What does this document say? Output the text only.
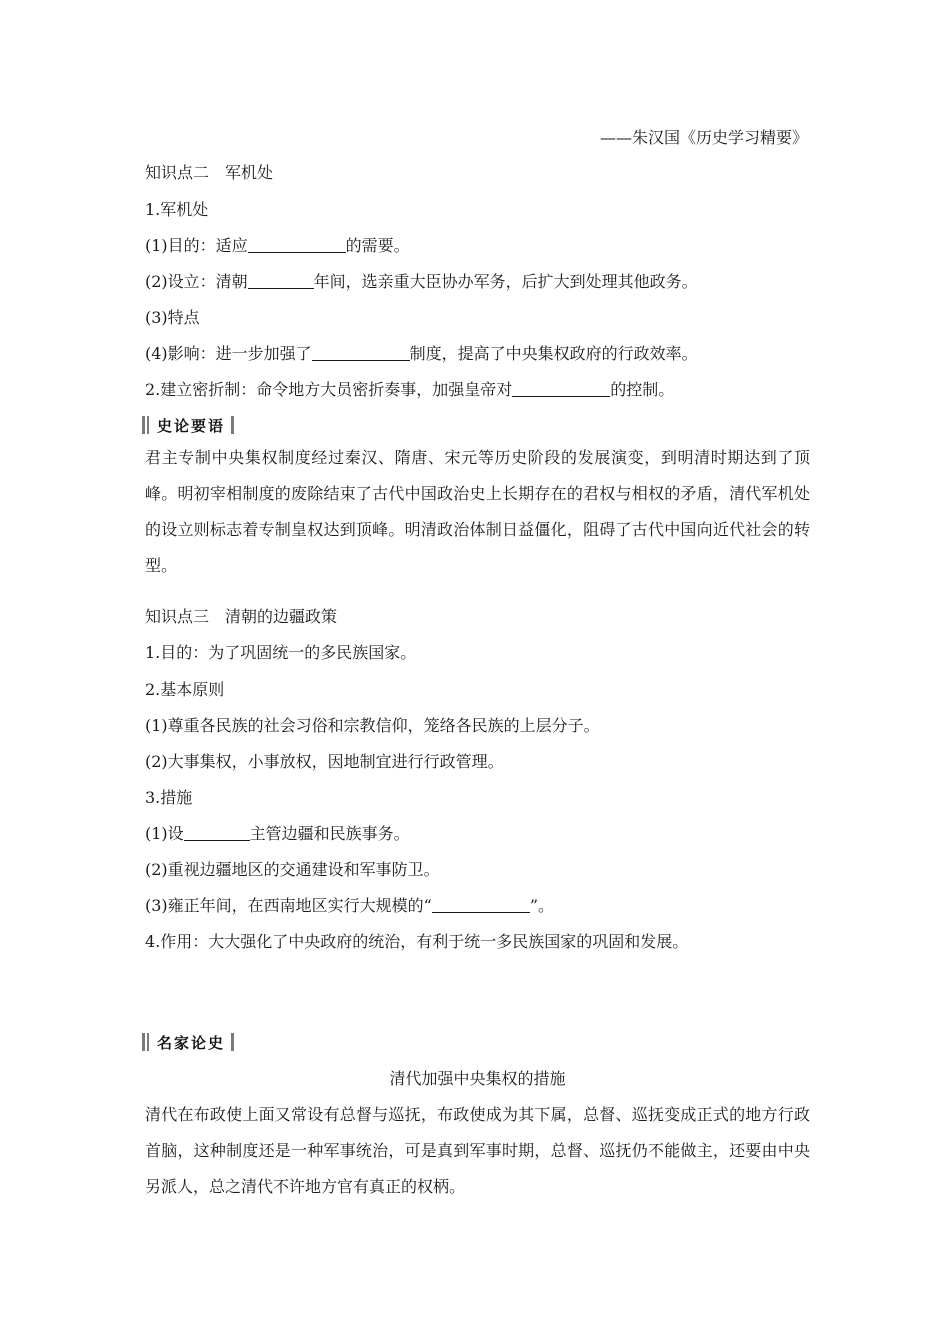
——朱汉国《历史学习精要》
知识点二　军机处
1.军机处
(1)目的：适应	的需要。
(2)设立：清朝	年间，选亲重大臣协办军务，后扩大到处理其他政务。
(3)特点
(4)影响：进一步加强了	制度，提高了中央集权政府的行政效率。
2.建立密折制：命令地方大员密折奏事，加强皇帝对	的控制。
史论要语
君主专制中央集权制度经过秦汉、隋唐、宋元等历史阶段的发展演变，到明清时期达到了顶峰。明初宰相制度的废除结束了古代中国政治史上长期存在的君权与相权的矛盾，清代军机处的设立则标志着专制皇权达到顶峰。明清政治体制日益僵化，阻碍了古代中国向近代社会的转型。
知识点三　清朝的边疆政策
1.目的：为了巩固统一的多民族国家。
2.基本原则
(1)尊重各民族的社会习俗和宗教信仰，笼络各民族的上层分子。
(2)大事集权，小事放权，因地制宜进行行政管理。
3.措施
(1)设	主管边疆和民族事务。
(2)重视边疆地区的交通建设和军事防卫。
(3)雍正年间，在西南地区实行大规模的“	”。
4.作用：大大强化了中央政府的统治，有利于统一多民族国家的巩固和发展。
名家论史
清代加强中央集权的措施
清代在布政使上面又常设有总督与巡抚，布政使成为其下属，总督、巡抚变成正式的地方行政首脑，这种制度还是一种军事统治，可是真到军事时期，总督、巡抚仍不能做主，还要由中央另派人，总之清代不许地方官有真正的权柄。
